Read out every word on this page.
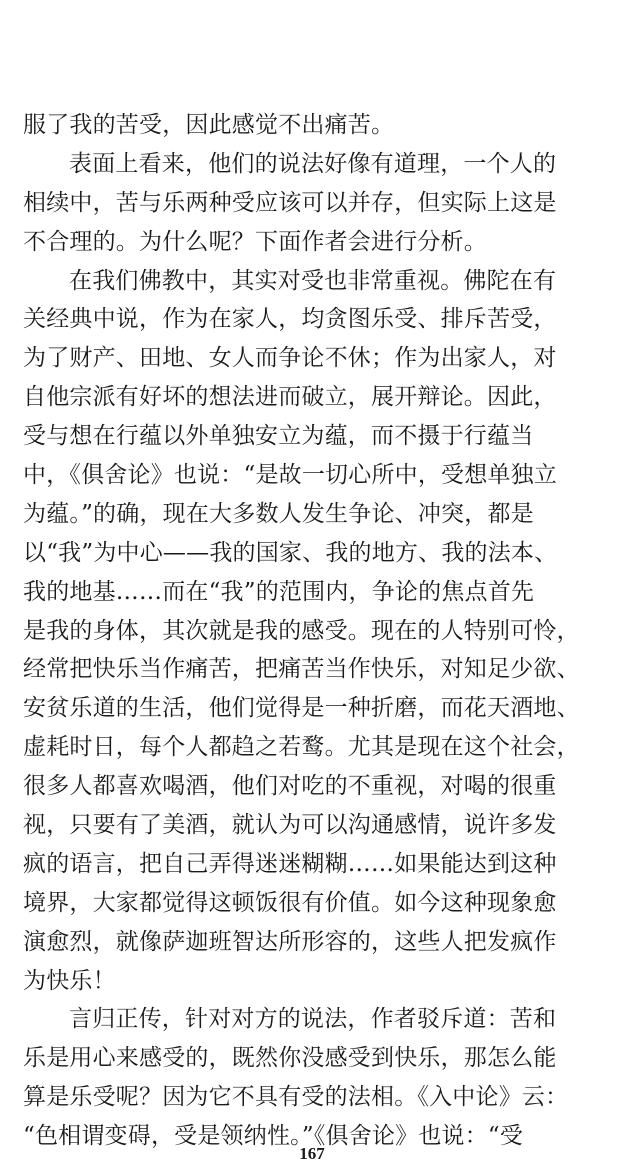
服了我的苦受，因此感觉不出痛苦。
表面上看来，他们的说法好像有道理，一个人的
相续中，苦与乐两种受应该可以并存，但实际上这是
不合理的。为什么呢？下面作者会进行分析。
在我们佛教中，其实对受也非常重视。佛陀在有
关经典中说，作为在家人，均贪图乐受、排斥苦受，
为了财产、田地、女人而争论不休；作为出家人，对
自他宗派有好坏的想法进而破立，展开辩论。因此，
受与想在行蕴以外单独安立为蕴，而不摄于行蕴当
中，《俱舍论》也说：“是故一切心所中，受想单独立
为蕴。”的确，现在大多数人发生争论、冲突，都是
以“我”为中心——我的国家、我的地方、我的法本、
我的地基……而在“我”的范围内，争论的焦点首先
是我的身体，其次就是我的感受。现在的人特别可怜，
经常把快乐当作痛苦，把痛苦当作快乐，对知足少欲、
安贫乐道的生活，他们觉得是一种折磨，而花天酒地、
虚耗时日，每个人都趋之若鹜。尤其是现在这个社会，
很多人都喜欢喝酒，他们对吃的不重视，对喝的很重
视，只要有了美酒，就认为可以沟通感情，说许多发
疯的语言，把自己弄得迷迷糊糊……如果能达到这种
境界，大家都觉得这顿饭很有价值。如今这种现象愈
演愈烈，就像萨迦班智达所形容的，这些人把发疯作
为快乐！
言归正传，针对对方的说法，作者驳斥道：苦和
乐是用心来感受的，既然你没感受到快乐，那怎么能
算是乐受呢？因为它不具有受的法相。《入中论》云：
“色相谓变碍，受是领纳性。”《俱舍论》也说：“受
167
